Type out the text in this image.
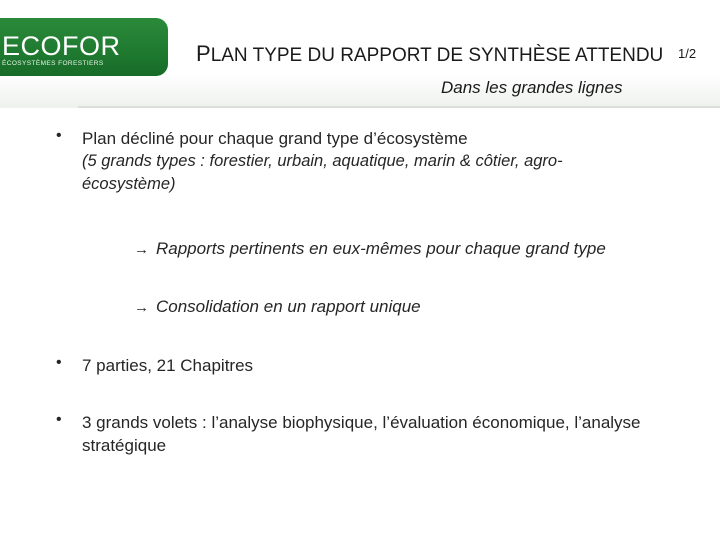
ECOFOR
ÉCOSYSTÈMES FORESTIERS	PLAN TYPE DU RAPPORT DE SYNTHÈSE ATTENDU 1/2
Dans les grandes lignes
•	Plan décliné pour chaque grand type d’écosystème
(5 grands types : forestier, urbain, aquatique, marin & côtier, agro-écosystème)
→ Rapports pertinents en eux-mêmes pour chaque grand type
→ Consolidation en un rapport unique
•	7 parties, 21 Chapitres
•	3 grands volets : l’analyse biophysique, l’évaluation économique, l’analyse stratégique
